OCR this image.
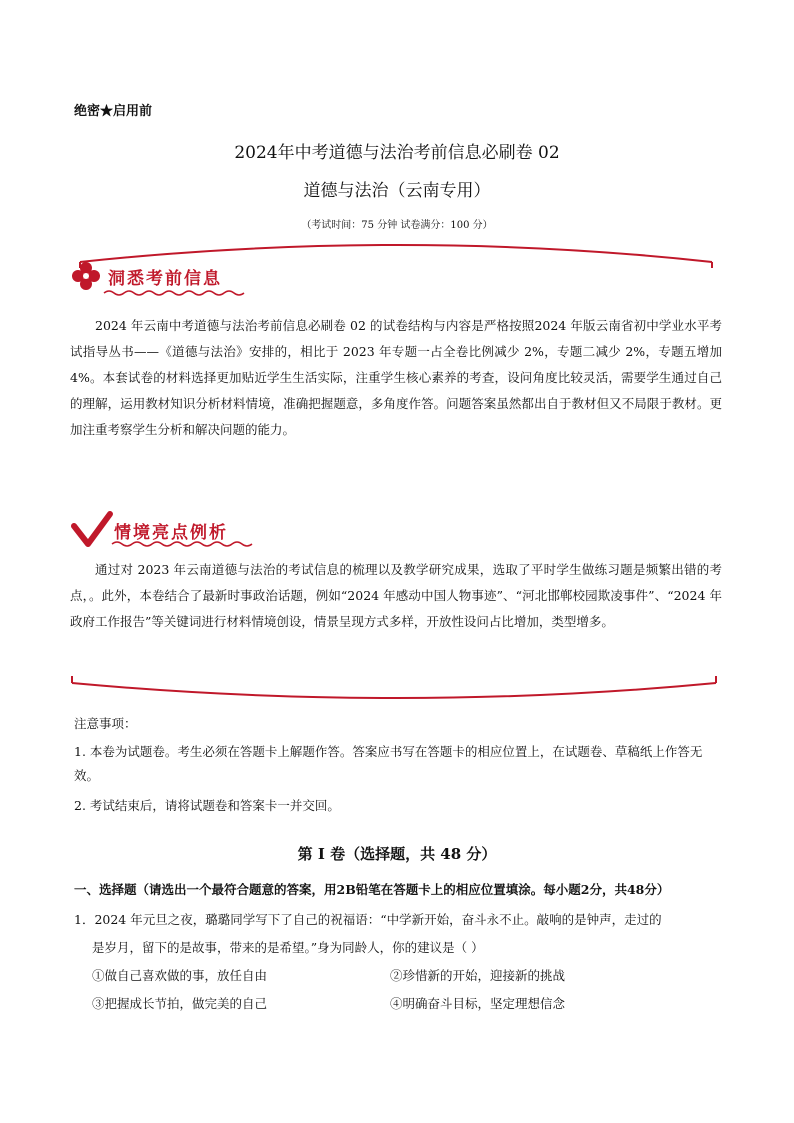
绝密★启用前
2024年中考道德与法治考前信息必刷卷 02
道德与法治（云南专用）
（考试时间：75 分钟 试卷满分：100 分）
洞悉考前信息

2024 年云南中考道德与法治考前信息必刷卷 02 的试卷结构与内容是严格按照2024 年版云南省初中学业水平考试指导丛书——《道德与法治》安排的，相比于 2023 年专题一占全卷比例减少 2%，专题二减少 2%，专题五增加 4%。本套试卷的材料选择更加贴近学生生活实际，注重学生核心素养的考查，设问角度比较灵活，需要学生通过自己的理解，运用教材知识分析材料情境，准确把握题意，多角度作答。问题答案虽然都出自于教材但又不局限于教材。更加注重考察学生分析和解决问题的能力。

情境亮点例析

通过对 2023 年云南道德与法治的考试信息的梳理以及教学研究成果，选取了平时学生做练习题是频繁出错的考点，。此外，本卷结合了最新时事政治话题，例如“2024 年感动中国人物事迹”、“河北邯郸校园欺凌事件”、“2024 年政府工作报告”等关键词进行材料情境创设，情景呈现方式多样，开放性设问占比增加，类型增多。

注意事项：
1. 本卷为试题卷。考生必须在答题卡上解题作答。答案应书写在答题卡的相应位置上，在试题卷、草稿纸上作答无效。
2. 考试结束后，请将试题卷和答案卡一并交回。
第 I 卷（选择题，共 48 分）
一、选择题（请选出一个最符合题意的答案，用2B铅笔在答题卡上的相应位置填涂。每小题2分，共48分）
1．2024 年元旦之夜，璐璐同学写下了自己的祝福语：“中学新开始，奋斗永不止。敲响的是钟声，走过的
是岁月，留下的是故事，带来的是希望。”身为同龄人，你的建议是（ ）
①做自己喜欢做的事，放任自由	②珍惜新的开始，迎接新的挑战
③把握成长节拍，做完美的自己	④明确奋斗目标，坚定理想信念
